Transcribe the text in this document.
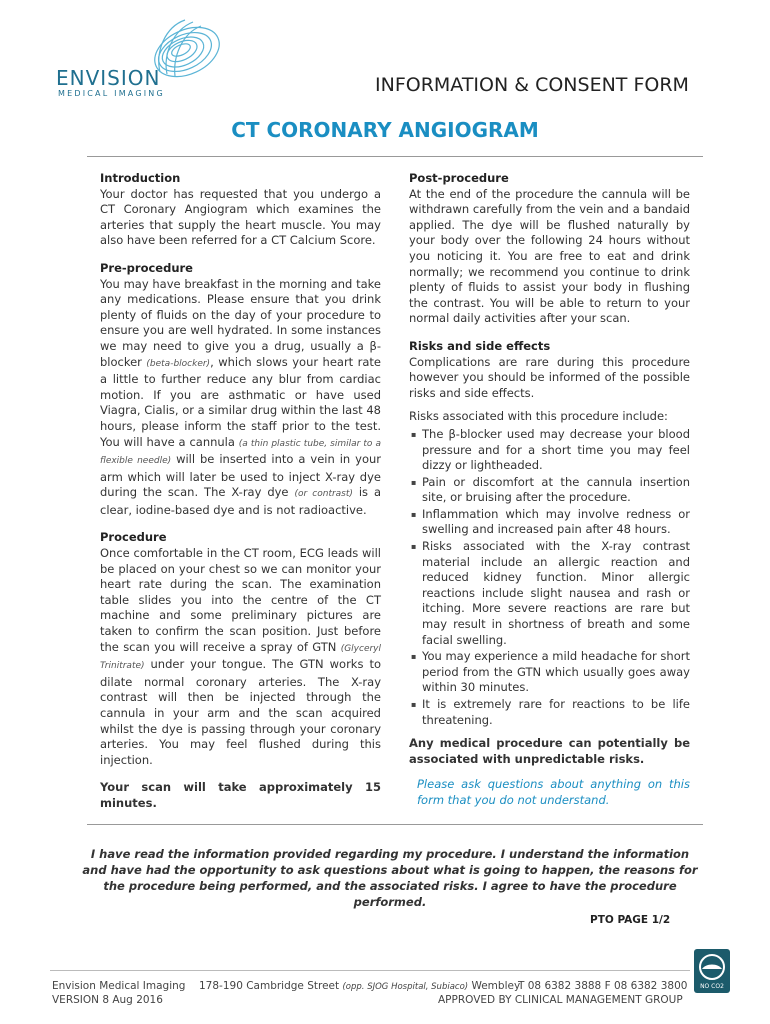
ENVISION
MEDICAL IMAGING	INFORMATION & CONSENT FORM
CT CORONARY ANGIOGRAM
Introduction

Your doctor has requested that you undergo a CT Coronary Angiogram which examines the arteries that supply the heart muscle. You may also have been referred for a CT Calcium Score.

Pre-procedure

You may have breakfast in the morning and take any medications. Please ensure that you drink plenty of fluids on the day of your procedure to ensure you are well hydrated. In some instances we may need to give you a drug, usually a β-blocker (beta-blocker), which slows your heart rate a little to further reduce any blur from cardiac motion. If you are asthmatic or have used Viagra, Cialis, or a similar drug within the last 48 hours, please inform the staff prior to the test. You will have a cannula (a thin plastic tube, similar to a flexible needle) will be inserted into a vein in your arm which will later be used to inject X-ray dye during the scan. The X-ray dye (or contrast) is a clear, iodine-based dye and is not radioactive.

Procedure

Once comfortable in the CT room, ECG leads will be placed on your chest so we can monitor your heart rate during the scan. The examination table slides you into the centre of the CT machine and some preliminary pictures are taken to confirm the scan position. Just before the scan you will receive a spray of GTN (Glyceryl Trinitrate) under your tongue. The GTN works to dilate normal coronary arteries. The X-ray contrast will then be injected through the cannula in your arm and the scan acquired whilst the dye is passing through your coronary arteries. You may feel flushed during this injection.

Your scan will take approximately 15 minutes.

Post-procedure

At the end of the procedure the cannula will be withdrawn carefully from the vein and a bandaid applied. The dye will be flushed naturally by your body over the following 24 hours without you noticing it. You are free to eat and drink normally; we recommend you continue to drink plenty of fluids to assist your body in flushing the contrast. You will be able to return to your normal daily activities after your scan.

Risks and side effects

Complications are rare during this procedure however you should be informed of the possible risks and side effects.

Risks associated with this procedure include:

▪ The β-blocker used may decrease your blood pressure and for a short time you may feel dizzy or lightheaded.
▪ Pain or discomfort at the cannula insertion site, or bruising after the procedure.
▪ Inflammation which may involve redness or swelling and increased pain after 48 hours.
▪ Risks associated with the X-ray contrast material include an allergic reaction and reduced kidney function. Minor allergic reactions include slight nausea and rash or itching. More severe reactions are rare but may result in shortness of breath and some facial swelling.
▪ You may experience a mild headache for short period from the GTN which usually goes away within 30 minutes.
▪ It is extremely rare for reactions to be life threatening.

Any medical procedure can potentially be associated with unpredictable risks.

Please ask questions about anything on this form that you do not understand.

I have read the information provided regarding my procedure. I understand the information and have had the opportunity to ask questions about what is going to happen, the reasons for the procedure being performed, and the associated risks. I agree to have the procedure performed.
PTO PAGE 1/2
Envision Medical Imaging
VERSION 8 Aug 2016
178-190 Cambridge Street (opp. SJOG Hospital, Subiaco) Wembley
T 08 6382 3888 F 08 6382 3800
APPROVED BY CLINICAL MANAGEMENT GROUP
NO CO2
